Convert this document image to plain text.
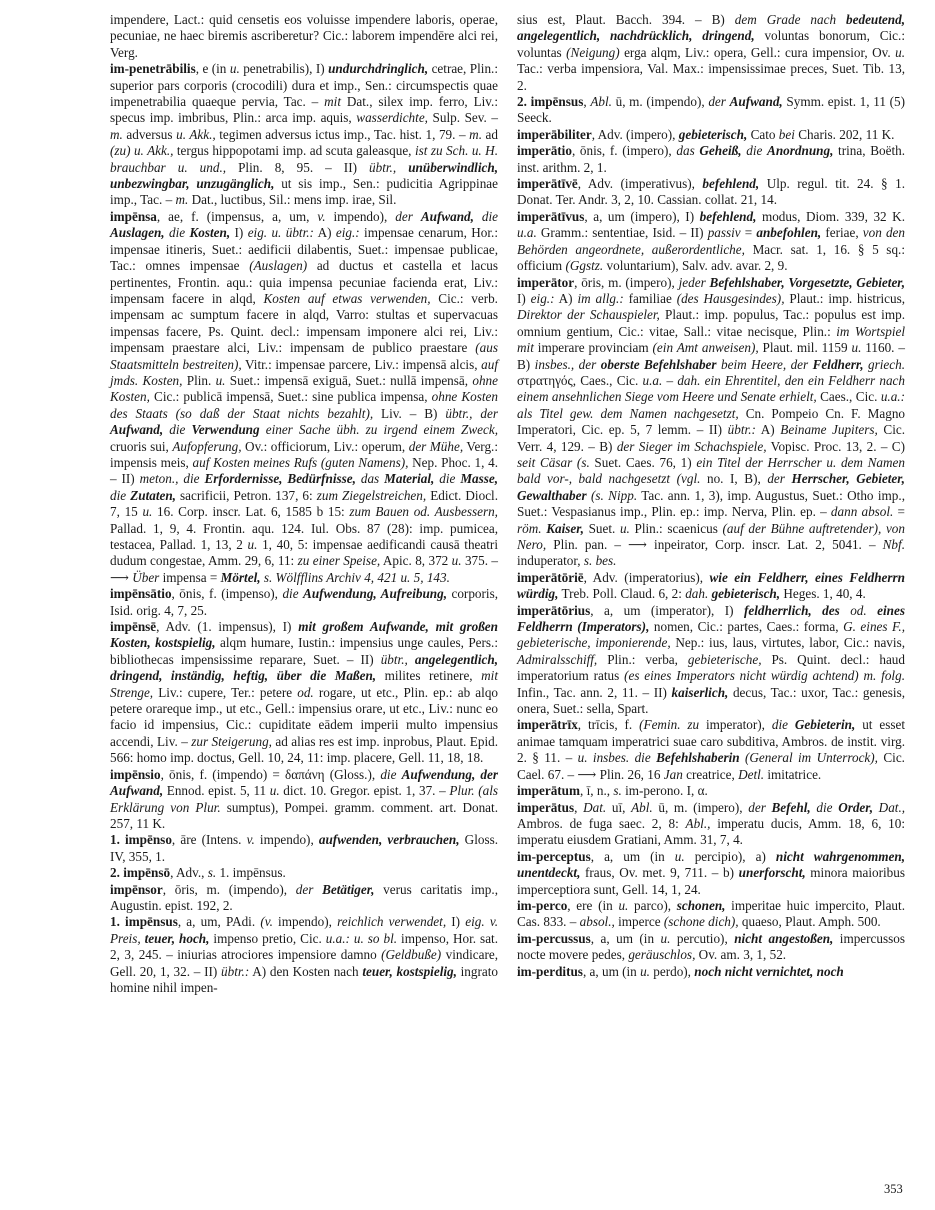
impendere, Lact.: quid censetis eos voluisse impendere laboris, operae, pecuniae, ne haec biremis ascriberetur? Cic.: laborem impendēre alci rei, Verg.

im-penetrābilis, e (in u. penetrabilis), I) undurchdringlich, cetrae, Plin.: superior pars corporis (crocodili) dura et imp., Sen.: circumspectis quae impenetrabilia quaeque pervia, Tac. – mit Dat., silex imp. ferro, Liv.: specus imp. imbribus, Plin.: arca imp. aquis, wasserdichte, Sulp. Sev. – m. adversus u. Akk., tegimen adversus ictus imp., Tac. hist. 1, 79. – m. ad (zu) u. Akk., tergus hippopotami imp. ad scuta galeasque, ist zu Sch. u. H. brauchbar u. und., Plin. 8, 95. – II) übtr., unüberwindlich, unbezwingbar, unzugänglich, ut sis imp., Sen.: pudicitia Agrippinae imp., Tac. – m. Dat., luctibus, Sil.: mens imp. irae, Sil.

impēnsa, ae, f. (impensus, a, um, v. impendo), der Aufwand, die Auslagen, die Kosten, I) eig. u. übtr.: A) eig.: impensae cenarum, Hor.: impensae itineris, Suet.: aedificii dilabentis, Suet.: impensae publicae, Tac.: omnes impensae (Auslagen) ad ductus et castella et lacus pertinentes, Frontin. aqu.: quia impensa pecuniae facienda erat, Liv.: impensam facere in alqd, Kosten auf etwas verwenden, Cic.: verb. impensam ac sumptum facere in alqd, Varro: stultas et supervacuas impensas facere, Ps. Quint. decl.: impensam imponere alci rei, Liv.: impensam praestare alci, Liv.: impensam de publico praestare (aus Staatsmitteln bestreiten), Vitr.: impensae parcere, Liv.: impensā alcis, auf jmds. Kosten, Plin. u. Suet.: impensā exiguā, Suet.: nullā impensā, ohne Kosten, Cic.: publicā impensā, Suet.: sine publica impensa, ohne Kosten des Staats (so daß der Staat nichts bezahlt), Liv. – B) übtr., der Aufwand, die Verwendung einer Sache übh. zu irgend einem Zweck, cruoris sui, Aufopferung, Ov.: officiorum, Liv.: operum, der Mühe, Verg.: impensis meis, auf Kosten meines Rufs (guten Namens), Nep. Phoc. 1, 4. – II) meton., die Erfordernisse, Bedürfnisse, das Material, die Masse, die Zutaten, sacrificii, Petron. 137, 6: zum Ziegelstreichen, Edict. Diocl. 7, 15 u. 16. Corp. inscr. Lat. 6, 1585 b 15: zum Bauen od. Ausbessern, Pallad. 1, 9, 4. Frontin. aqu. 124. Iul. Obs. 87 (28): imp. pumicea, testacea, Pallad. 1, 13, 2 u. 1, 40, 5: impensae aedificandi causā theatri dudum congestae, Amm. 29, 6, 11: zu einer Speise, Apic. 8, 372 u. 375. – ⟶ Über impensa = Mörtel, s. Wölfflins Archiv 4, 421 u. 5, 143.

impēnsātio, ōnis, f. (impenso), die Aufwendung, Aufreibung, corporis, Isid. orig. 4, 7, 25.

impēnsē, Adv. (1. impensus), I) mit großem Aufwande, mit großen Kosten, kostspielig, alqm humare, Iustin.: impensius unge caules, Pers.: bibliothecas impensissime reparare, Suet. – II) übtr., angelegentlich, dringend, inständig, heftig, über die Maßen, milites retinere, mit Strenge, Liv.: cupere, Ter.: petere od. rogare, ut etc., Plin. ep.: ab alqo petere orareque imp., ut etc., Gell.: impensius orare, ut etc., Liv.: nunc eo facio id impensius, Cic.: cupiditate eādem imperii multo impensius accendi, Liv. – zur Steigerung, ad alias res est imp. inprobus, Plaut. Epid. 566: homo imp. doctus, Gell. 10, 24, 11: imp. placere, Gell. 11, 18, 18.

impēnsio, ōnis, f. (impendo) = δαπάνη (Gloss.), die Aufwendung, der Aufwand, Ennod. epist. 5, 11 u. dict. 10. Gregor. epist. 1, 37. – Plur. (als Erklärung von Plur. sumptus), Pompei. gramm. comment. art. Donat. 257, 11 K.

1. impēnso, āre (Intens. v. impendo), aufwenden, verbrauchen, Gloss. IV, 355, 1.

2. impēnsō, Adv., s. 1. impēnsus.

impēnsor, ōris, m. (impendo), der Betätiger, verus caritatis imp., Augustin. epist. 192, 2.

1. impēnsus, a, um, PAdi. (v. impendo), reichlich verwendet, I) eig. v. Preis, teuer, hoch, impenso pretio, Cic. u.a.: u. so bl. impenso, Hor. sat. 2, 3, 245. – iniurias atrociores impensiore damno (Geldbuße) vindicare, Gell. 20, 1, 32. – II) übtr.: A) den Kosten nach teuer, kostspielig, ingrato homine nihil impen-

sius est, Plaut. Bacch. 394. – B) dem Grade nach bedeutend, angelegentlich, nachdrücklich, dringend, voluntas bonorum, Cic.: voluntas (Neigung) erga alqm, Liv.: opera, Gell.: cura impensior, Ov. u. Tac.: verba impensiora, Val. Max.: impensissimae preces, Suet. Tib. 13, 2.

2. impēnsus, Abl. ū, m. (impendo), der Aufwand, Symm. epist. 1, 11 (5) Seeck.

imperābiliter, Adv. (impero), gebieterisch, Cato bei Charis. 202, 11 K.

imperātio, ōnis, f. (impero), das Geheiß, die Anordnung, trina, Boëth. inst. arithm. 2, 1.

imperātīvē, Adv. (imperativus), befehlend, Ulp. regul. tit. 24. § 1. Donat. Ter. Andr. 3, 2, 10. Cassian. collat. 21, 14.

imperātīvus, a, um (impero), I) befehlend, modus, Diom. 339, 32 K. u.a. Gramm.: sententiae, Isid. – II) passiv = anbefohlen, feriae, von den Behörden angeordnete, außerordentliche, Macr. sat. 1, 16. § 5 sq.: officium (Ggstz. voluntarium), Salv. adv. avar. 2, 9.

imperātor, ōris, m. (impero), jeder Befehlshaber, Vorgesetzte, Gebieter, I) eig.: A) im allg.: familiae (des Hausgesindes), Plaut.: imp. histricus, Direktor der Schauspieler, Plaut.: imp. populus, Tac.: populus est imp. omnium gentium, Cic.: vitae, Sall.: vitae necisque, Plin.: im Wortspiel mit imperare provinciam (ein Amt anweisen), Plaut. mil. 1159 u. 1160. – B) insbes., der oberste Befehlshaber beim Heere, der Feldherr, griech. στρατηγός, Caes., Cic. u.a. – dah. ein Ehrentitel, den ein Feldherr nach einem ansehnlichen Siege vom Heere und Senate erhielt, Caes., Cic. u.a.: als Titel gew. dem Namen nachgesetzt, Cn. Pompeio Cn. F. Magno Imperatori, Cic. ep. 5, 7 lemm. – II) übtr.: A) Beiname Jupiters, Cic. Verr. 4, 129. – B) der Sieger im Schachspiele, Vopisc. Proc. 13, 2. – C) seit Cäsar (s. Suet. Caes. 76, 1) ein Titel der Herrscher u. dem Namen bald vor-, bald nachgesetzt (vgl. no. I, B), der Herrscher, Gebieter, Gewalthaber (s. Nipp. Tac. ann. 1, 3), imp. Augustus, Suet.: Otho imp., Suet.: Vespasianus imp., Plin. ep.: imp. Nerva, Plin. ep. – dann absol. = röm. Kaiser, Suet. u. Plin.: scaenicus (auf der Bühne auftretender), von Nero, Plin. pan. – ⟶ inpeirator, Corp. inscr. Lat. 2, 5041. – Nbf. induperator, s. bes.

imperātōriē, Adv. (imperatorius), wie ein Feldherr, eines Feldherrn würdig, Treb. Poll. Claud. 6, 2: dah. gebieterisch, Heges. 1, 40, 4.

imperātōrius, a, um (imperator), I) feldherrlich, des od. eines Feldherrn (Imperators), nomen, Cic.: partes, Caes.: forma, G. eines F., gebieterische, imponierende, Nep.: ius, laus, virtutes, labor, Cic.: navis, Admiralsschiff, Plin.: verba, gebieterische, Ps. Quint. decl.: haud imperatorium ratus (es eines Imperators nicht würdig achtend) m. folg. Infin., Tac. ann. 2, 11. – II) kaiserlich, decus, Tac.: uxor, Tac.: genesis, onera, Suet.: sella, Spart.

imperātrīx, trīcis, f. (Femin. zu imperator), die Gebieterin, ut esset animae tamquam imperatrici suae caro subditiva, Ambros. de instit. virg. 2. § 11. – u. insbes. die Befehlshaberin (General im Unterrock), Cic. Cael. 67. – ⟶ Plin. 26, 16 Jan creatrice, Detl. imitatrice.

imperātum, ī, n., s. im-perono. I, α.

imperātus, Dat. uī, Abl. ū, m. (impero), der Befehl, die Order, Dat., Ambros. de fuga saec. 2, 8: Abl., imperatu ducis, Amm. 18, 6, 10: imperatu eiusdem Gratiani, Amm. 31, 7, 4.

im-perceptus, a, um (in u. percipio), a) nicht wahrgenommen, unentdeckt, fraus, Ov. met. 9, 711. – b) unerforscht, minora maioribus imperceptiora sunt, Gell. 14, 1, 24.

im-perco, ere (in u. parco), schonen, imperitae huic impercito, Plaut. Cas. 833. – absol., imperce (schone dich), quaeso, Plaut. Amph. 500.

im-percussus, a, um (in u. percutio), nicht angestoßen, impercussos nocte movere pedes, geräuschlos, Ov. am. 3, 1, 52.

im-perditus, a, um (in u. perdo), noch nicht vernichtet, noch

353
